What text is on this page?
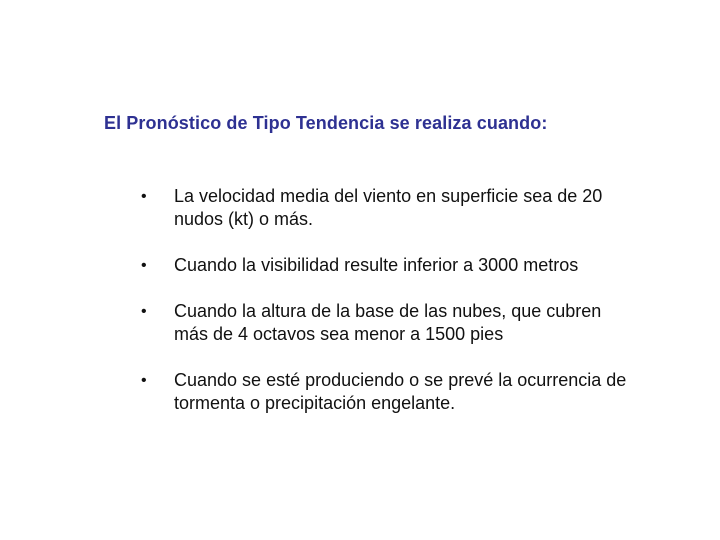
El Pronóstico de Tipo Tendencia se realiza cuando:
• La velocidad media del viento en superficie sea de 20 nudos (kt) o más.
• Cuando la visibilidad resulte inferior a 3000 metros
• Cuando la altura de la base de las nubes, que cubren más de 4 octavos sea menor a 1500 pies
• Cuando se esté produciendo o se prevé la ocurrencia de tormenta o precipitación engelante.
